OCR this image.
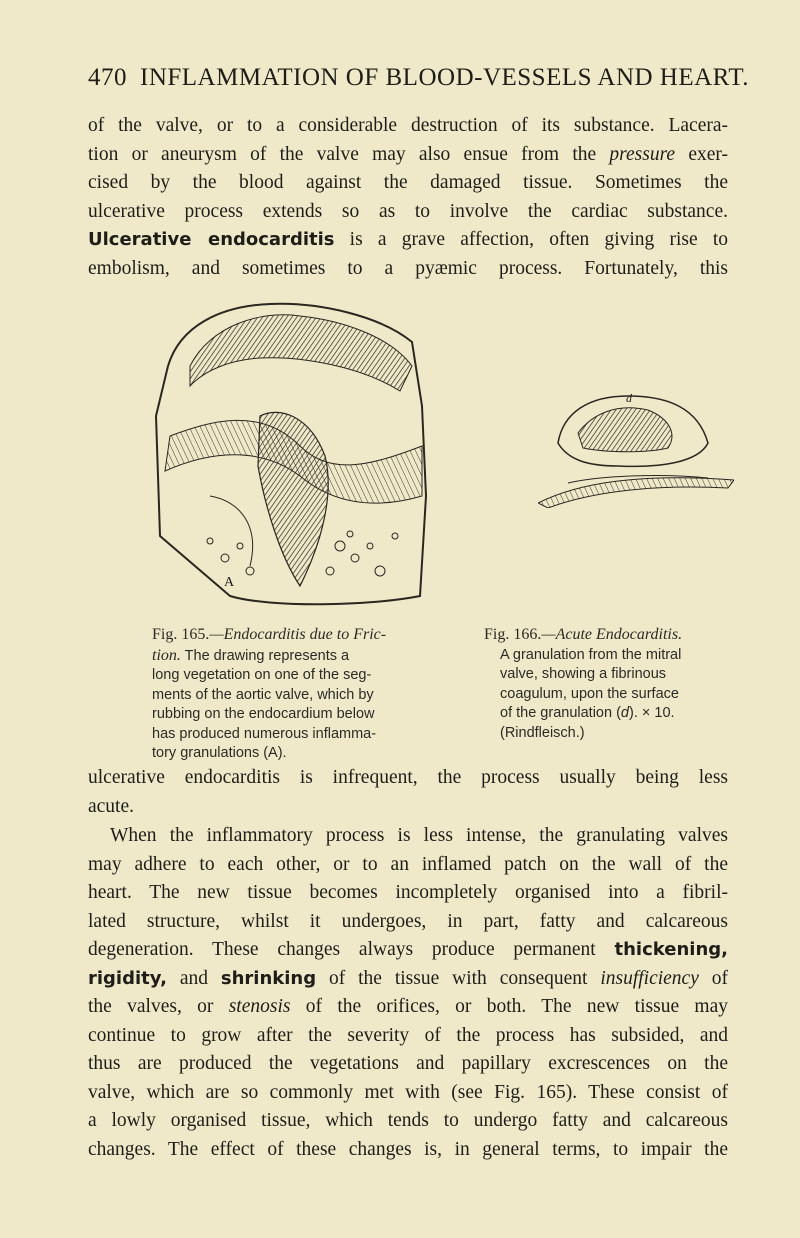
470 INFLAMMATION OF BLOOD-VESSELS AND HEART.
of the valve, or to a considerable destruction of its substance. Lacera-
tion or aneurysm of the valve may also ensue from the pressure exer-
cised by the blood against the damaged tissue. Sometimes the
ulcerative process extends so as to involve the cardiac substance.
Ulcerative endocarditis is a grave affection, often giving rise to
embolism, and sometimes to a pyæmic process. Fortunately, this
A
d
Fig. 165.—Endocarditis due to Fric-
tion. The drawing represents a
long vegetation on one of the seg-
ments of the aortic valve, which by
rubbing on the endocardium below
has produced numerous inflamma-
tory granulations (A).
Fig. 166.—Acute Endocarditis.
A granulation from the mitral
valve, showing a fibrinous
coagulum, upon the surface
of the granulation (d). × 10.
(Rindfleisch.)
ulcerative endocarditis is infrequent, the process usually being less
acute.
When the inflammatory process is less intense, the granulating valves
may adhere to each other, or to an inflamed patch on the wall of the
heart. The new tissue becomes incompletely organised into a fibril-
lated structure, whilst it undergoes, in part, fatty and calcareous
degeneration. These changes always produce permanent thickening,
rigidity, and shrinking of the tissue with consequent insufficiency of
the valves, or stenosis of the orifices, or both. The new tissue may
continue to grow after the severity of the process has subsided, and
thus are produced the vegetations and papillary excrescences on the
valve, which are so commonly met with (see Fig. 165). These consist of
a lowly organised tissue, which tends to undergo fatty and calcareous
changes. The effect of these changes is, in general terms, to impair the
